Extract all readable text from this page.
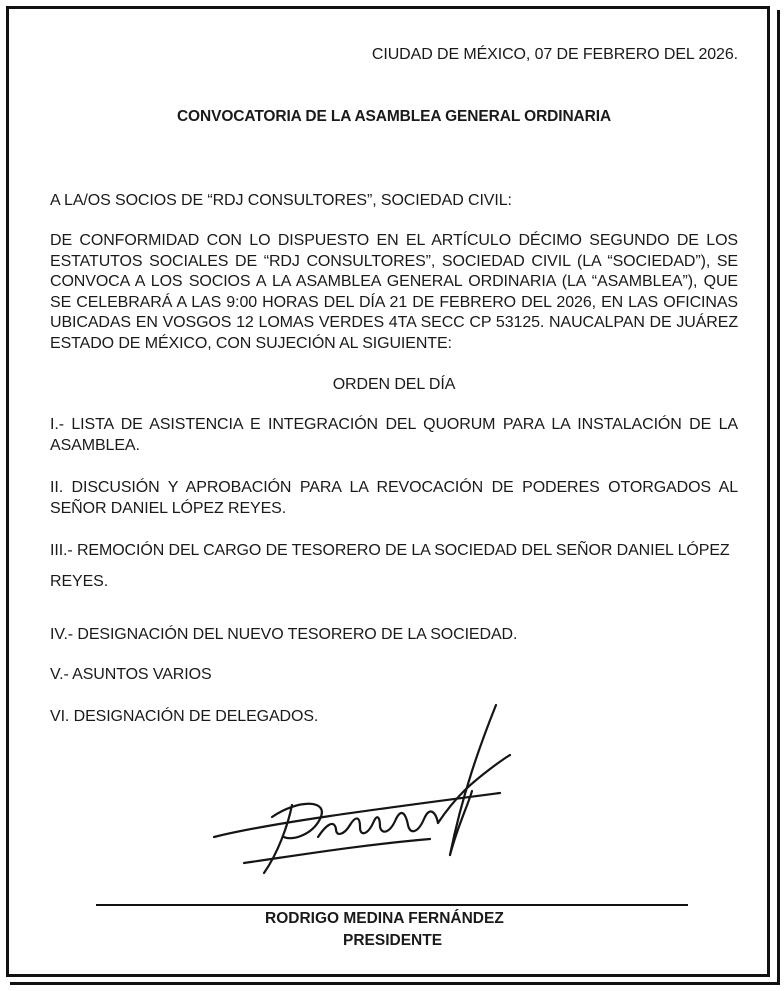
CIUDAD DE MÉXICO, 07 DE FEBRERO DEL 2026.
CONVOCATORIA DE LA ASAMBLEA GENERAL ORDINARIA
A LA/OS SOCIOS DE “RDJ CONSULTORES”, SOCIEDAD CIVIL:
DE CONFORMIDAD CON LO DISPUESTO EN EL ARTÍCULO DÉCIMO SEGUNDO DE LOS ESTATUTOS SOCIALES DE “RDJ CONSULTORES”, SOCIEDAD CIVIL (LA “SOCIEDAD”), SE CONVOCA A LOS SOCIOS A LA ASAMBLEA GENERAL ORDINARIA (LA “ASAMBLEA”), QUE SE CELEBRARÁ A LAS 9:00 HORAS DEL DÍA 21 DE FEBRERO DEL 2026, EN LAS OFICINAS UBICADAS EN VOSGOS 12 LOMAS VERDES 4TA SECC CP 53125. NAUCALPAN DE JUÁREZ ESTADO DE MÉXICO, CON SUJECIÓN AL SIGUIENTE:
ORDEN DEL DÍA
I.- LISTA DE ASISTENCIA E INTEGRACIÓN DEL QUORUM PARA LA INSTALACIÓN DE LA ASAMBLEA.
II. DISCUSIÓN Y APROBACIÓN PARA LA REVOCACIÓN DE PODERES OTORGADOS AL SEÑOR DANIEL LÓPEZ REYES.
III.- REMOCIÓN DEL CARGO DE TESORERO DE LA SOCIEDAD DEL SEÑOR DANIEL LÓPEZ
REYES.
IV.- DESIGNACIÓN DEL NUEVO TESORERO DE LA SOCIEDAD.
V.- ASUNTOS VARIOS
VI. DESIGNACIÓN DE DELEGADOS.
RODRIGO MEDINA FERNÁNDEZ
PRESIDENTE
